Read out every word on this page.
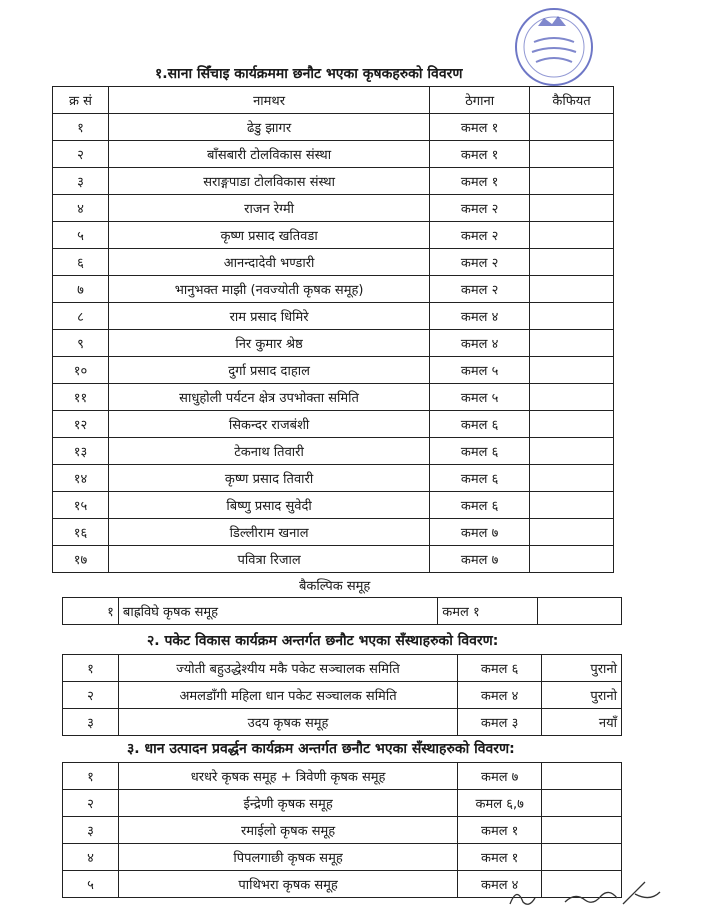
१.साना सिँचाइ कार्यक्रममा छनौट भएका कृषकहरुको विवरण
क्र सं	नामथर	ठेगाना	कैफियत
१	ढेडु झागर	कमल १	
२	बाँसबारी टोलविकास संस्था	कमल १	
३	सराङ्गपाडा टोलविकास संस्था	कमल १	
४	राजन रेग्मी	कमल २	
५	कृष्ण प्रसाद खतिवडा	कमल २	
६	आनन्दादेवी भण्डारी	कमल २	
७	भानुभक्त माझी (नवज्योती कृषक समूह)	कमल २	
८	राम प्रसाद धिमिरे	कमल ४	
९	निर कुमार श्रेष्ठ	कमल ४	
१०	दुर्गा प्रसाद दाहाल	कमल ५	
११	साधुहोली पर्यटन क्षेत्र उपभोक्ता समिति	कमल ५	
१२	सिकन्दर राजबंशी	कमल ६	
१३	टेकनाथ तिवारी	कमल ६	
१४	कृष्ण प्रसाद तिवारी	कमल ६	
१५	बिष्णु प्रसाद सुवेदी	कमल ६	
१६	डिल्लीराम खनाल	कमल ७	
१७	पवित्रा रिजाल	कमल ७	
बैकल्पिक समूह
१	बाह्रविघे कृषक समूह	कमल १	
२. पकेट विकास कार्यक्रम अन्तर्गत छनौट भएका सँस्थाहरुको विवरण:
१	ज्योती बहुउद्धेश्यीय मकै पकेट सञ्चालक समिति	कमल ६	पुरानो
२	अमलडाँगी महिला धान पकेट सञ्चालक समिति	कमल ४	पुरानो
३	उदय कृषक समूह	कमल ३	नयाँ
३. धान उत्पादन प्रवर्द्धन कार्यक्रम अन्तर्गत छनौट भएका सँस्थाहरुको विवरण:
१	धरधरे कृषक समूह + त्रिवेणी कृषक समूह	कमल ७	
२	ईन्द्रेणी कृषक समूह	कमल ६,७	
३	रमाईलो कृषक समूह	कमल १	
४	पिपलगाछी कृषक समूह	कमल १	
५	पाथिभरा कृषक समूह	कमल ४	
